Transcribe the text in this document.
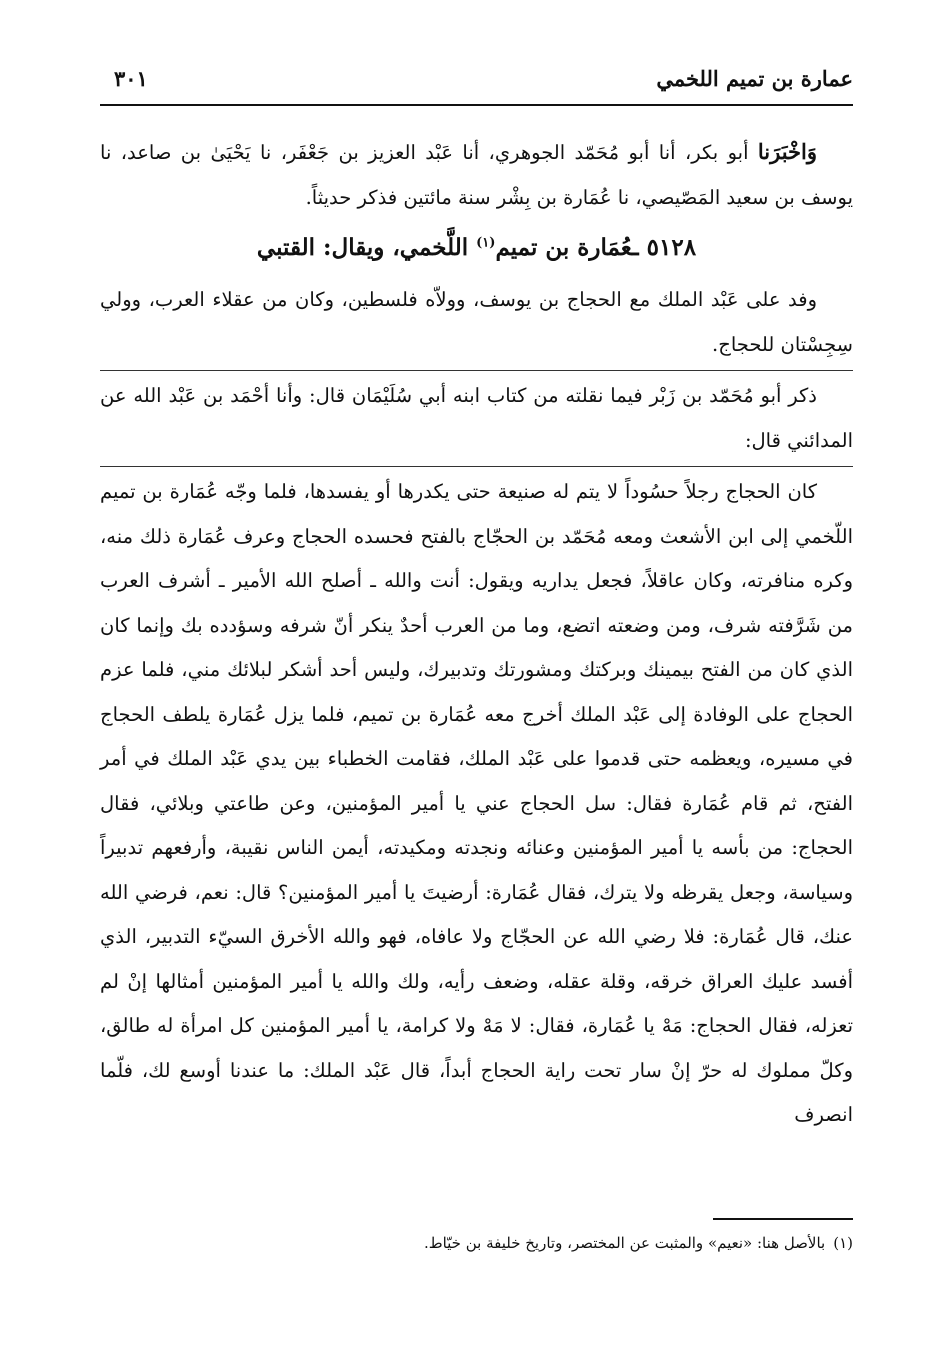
عمارة بن تميم اللخمي
٣٠١

وَاخْبَرَنا أبو بكر، أنا أبو مُحَمّد الجوهري، أنا عَبْد العزيز بن جَعْفَر، نا يَحْيَىٰ بن صاعد، نا يوسف بن سعيد المَصّيصي، نا عُمَارة بن بِشْر سنة مائتين فذكر حديثاً.

٥١٢٨ ـعُمَارة بن تميم$^{(١)}$ اللَّخمي، ويقال: القتبي

وفد على عَبْد الملك مع الحجاج بن يوسف، وولاّه فلسطين، وكان من عقلاء العرب، وولي سِجِسْتان للحجاج.

ذكر أبو مُحَمّد بن زَبْر فيما نقلته من كتاب ابنه أبي سُلَيْمَان قال: وأنا أحْمَد بن عَبْد الله عن المدائني قال:

كان الحجاج رجلاً حسُوداً لا يتم له صنيعة حتى يكدرها أو يفسدها، فلما وجّه عُمَارة بن تميم اللّخمي إلى ابن الأشعث ومعه مُحَمّد بن الحجّاج بالفتح فحسده الحجاج وعرف عُمَارة ذلك منه، وكره منافرته، وكان عاقلاً، فجعل يداريه ويقول: أنت والله ـ أصلح الله الأمير ـ أشرف العرب من شَرَّفته شرف، ومن وضعته اتضع، وما من العرب أحدٌ ينكر أنّ شرفه وسؤدده بك وإنما كان الذي كان من الفتح بيمينك وبركتك ومشورتك وتدبيرك، وليس أحد أشكر لبلائك مني، فلما عزم الحجاج على الوفادة إلى عَبْد الملك أخرج معه عُمَارة بن تميم، فلما يزل عُمَارة يلطف الحجاج في مسيره، ويعظمه حتى قدموا على عَبْد الملك، فقامت الخطباء بين يدي عَبْد الملك في أمر الفتح، ثم قام عُمَارة فقال: سل الحجاج عني يا أمير المؤمنين، وعن طاعتي وبلائي، فقال الحجاج: من بأسه يا أمير المؤمنين وعنائه ونجدته ومكيدته، أيمن الناس نقيبة، وأرفعهم تدبيراً وسياسة، وجعل يقرظه ولا يترك، فقال عُمَارة: أرضيتَ يا أمير المؤمنين؟ قال: نعم، فرضي الله عنك، قال عُمَارة: فلا رضي الله عن الحجّاج ولا عافاه، فهو والله الأخرق السيّء التدبير، الذي أفسد عليك العراق خرقه، وقلة عقله، وضعف رأيه، ولك والله يا أمير المؤمنين أمثالها إنْ لم تعزله، فقال الحجاج: مَهْ يا عُمَارة، فقال: لا مَهْ ولا كرامة، يا أمير المؤمنين كل امرأة له طالق، وكلّ مملوك له حرّ إنْ سار تحت راية الحجاج أبداً، قال عَبْد الملك: ما عندنا أوسع لك، فلّما انصرف

(١)بالأصل هنا: «نعيم» والمثبت عن المختصر، وتاريخ خليفة بن خيّاط.
